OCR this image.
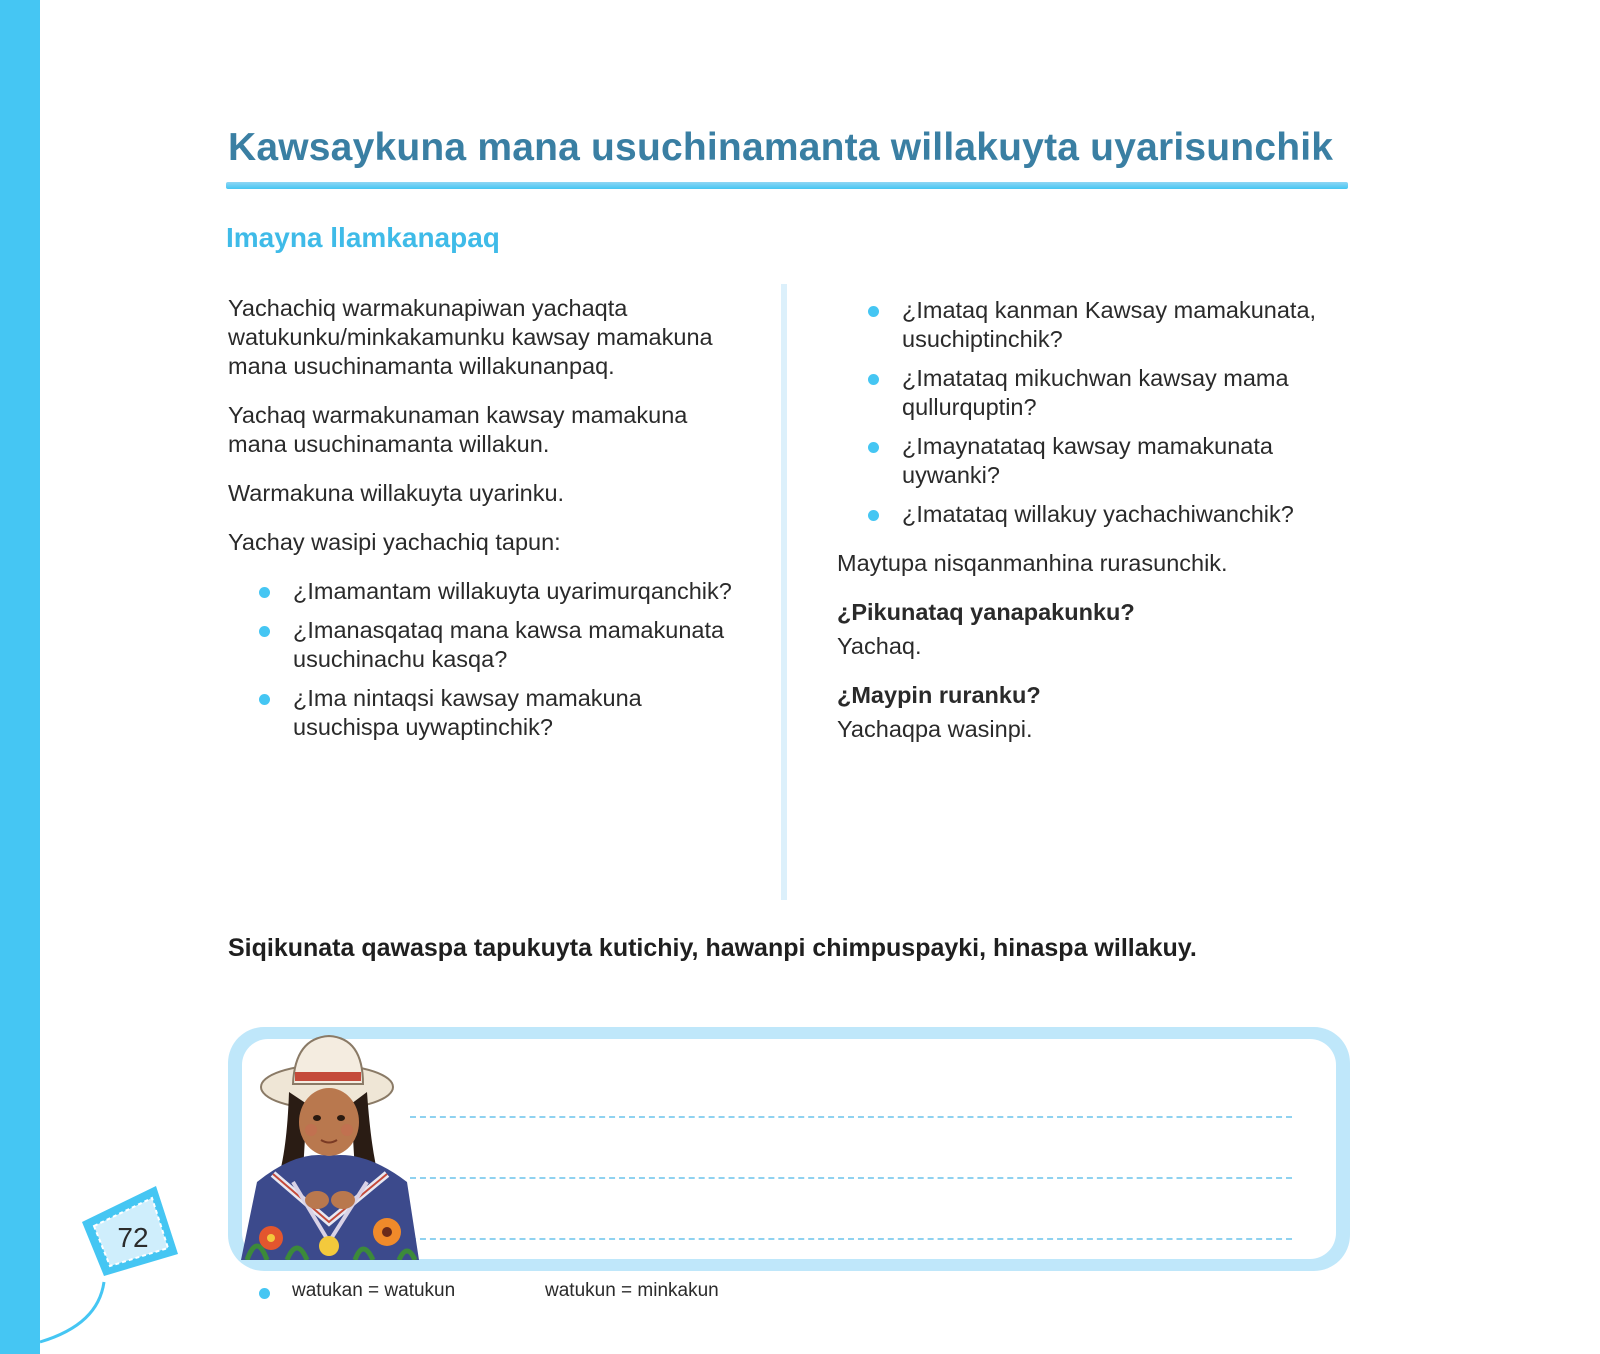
Kawsaykuna mana usuchinamanta willakuyta uyarisunchik
Imayna llamkanapaq

Yachachiq warmakunapiwan yachaqta watukunku/minkakamunku kawsay mamakuna mana usuchinamanta willakunanpaq.

Yachaq warmakunaman kawsay mamakuna mana usuchinamanta willakun.

Warmakuna willakuyta uyarinku.

Yachay wasipi yachachiq tapun:

¿Imamantam willakuyta uyarimurqanchik?
¿Imanasqataq mana kawsa mamakunata usuchinachu kasqa?
¿Ima nintaqsi kawsay mamakuna usuchispa uywaptinchik?
¿Imataq kanman Kawsay mamakunata, usuchiptinchik?
¿Imatataq mikuchwan kawsay mama qullurquptin?
¿Imaynatataq kawsay mamakunata uywanki?
¿Imatataq willakuy yachachiwanchik?

Maytupa nisqanmanhina rurasunchik.

¿Pikunataq yanapakunku?

Yachaq.

¿Maypin ruranku?

Yachaqpa wasinpi.

Siqikunata qawaspa tapukuyta kutichiy, hawanpi chimpuspayki, hinaspa willakuy.

72
watukan = watukun	watukun = minkakun
